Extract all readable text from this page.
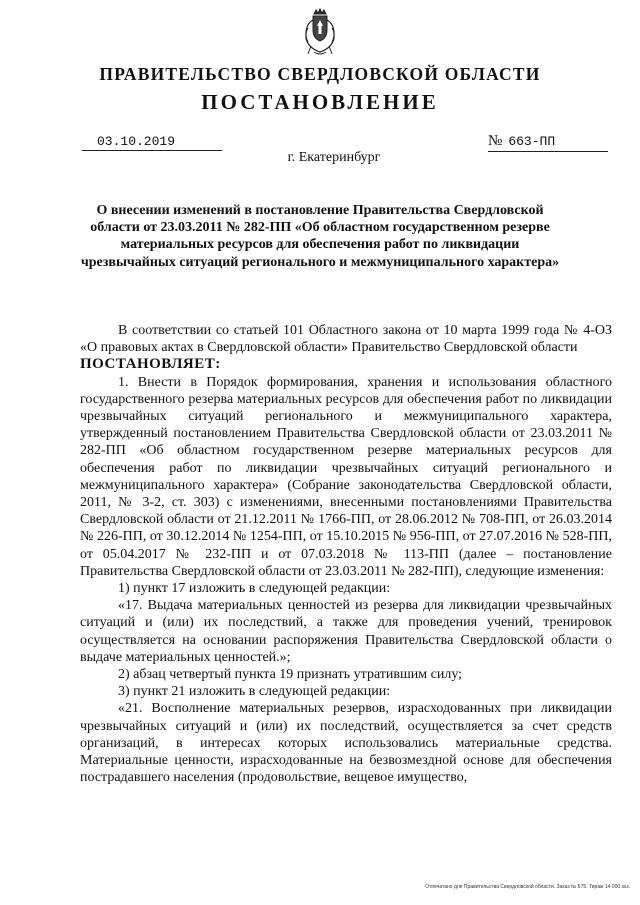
ПРАВИТЕЛЬСТВО СВЕРДЛОВСКОЙ ОБЛАСТИ
ПОСТАНОВЛЕНИЕ
03.10.2019	№ 663-ПП
г. Екатеринбург
О внесении изменений в постановление Правительства Свердловской области от 23.03.2011 № 282-ПП «Об областном государственном резерве материальных ресурсов для обеспечения работ по ликвидации чрезвычайных ситуаций регионального и межмуниципального характера»

В соответствии со статьей 101 Областного закона от 10 марта 1999 года № 4-ОЗ «О правовых актах в Свердловской области» Правительство Свердловской области

ПОСТАНОВЛЯЕТ:

1. Внести в Порядок формирования, хранения и использования областного государственного резерва материальных ресурсов для обеспечения работ по ликвидации чрезвычайных ситуаций регионального и межмуниципального характера, утвержденный постановлением Правительства Свердловской области от 23.03.2011 № 282-ПП «Об областном государственном резерве материальных ресурсов для обеспечения работ по ликвидации чрезвычайных ситуаций регионального и межмуниципального характера» (Собрание законодательства Свердловской области, 2011, № 3-2, ст. 303) с изменениями, внесенными постановлениями Правительства Свердловской области от 21.12.2011 № 1766-ПП, от 28.06.2012 № 708-ПП, от 26.03.2014 № 226-ПП, от 30.12.2014 № 1254-ПП, от 15.10.2015 № 956-ПП, от 27.07.2016 № 528-ПП, от 05.04.2017 № 232-ПП и от 07.03.2018 № 113-ПП (далее – постановление Правительства Свердловской области от 23.03.2011 № 282-ПП), следующие изменения:

1) пункт 17 изложить в следующей редакции:

«17. Выдача материальных ценностей из резерва для ликвидации чрезвычайных ситуаций и (или) их последствий, а также для проведения учений, тренировок осуществляется на основании распоряжения Правительства Свердловской области о выдаче материальных ценностей.»;

2) абзац четвертый пункта 19 признать утратившим силу;

3) пункт 21 изложить в следующей редакции:

«21. Восполнение материальных резервов, израсходованных при ликвидации чрезвычайных ситуаций и (или) их последствий, осуществляется за счет средств организаций, в интересах которых использовались материальные средства. Материальные ценности, израсходованные на безвозмездной основе для обеспечения пострадавшего населения (продовольствие, вещевое имущество,

Отпечатано для Правительства Свердловской области. Заказ № 575. Тираж 14 000 экз.
